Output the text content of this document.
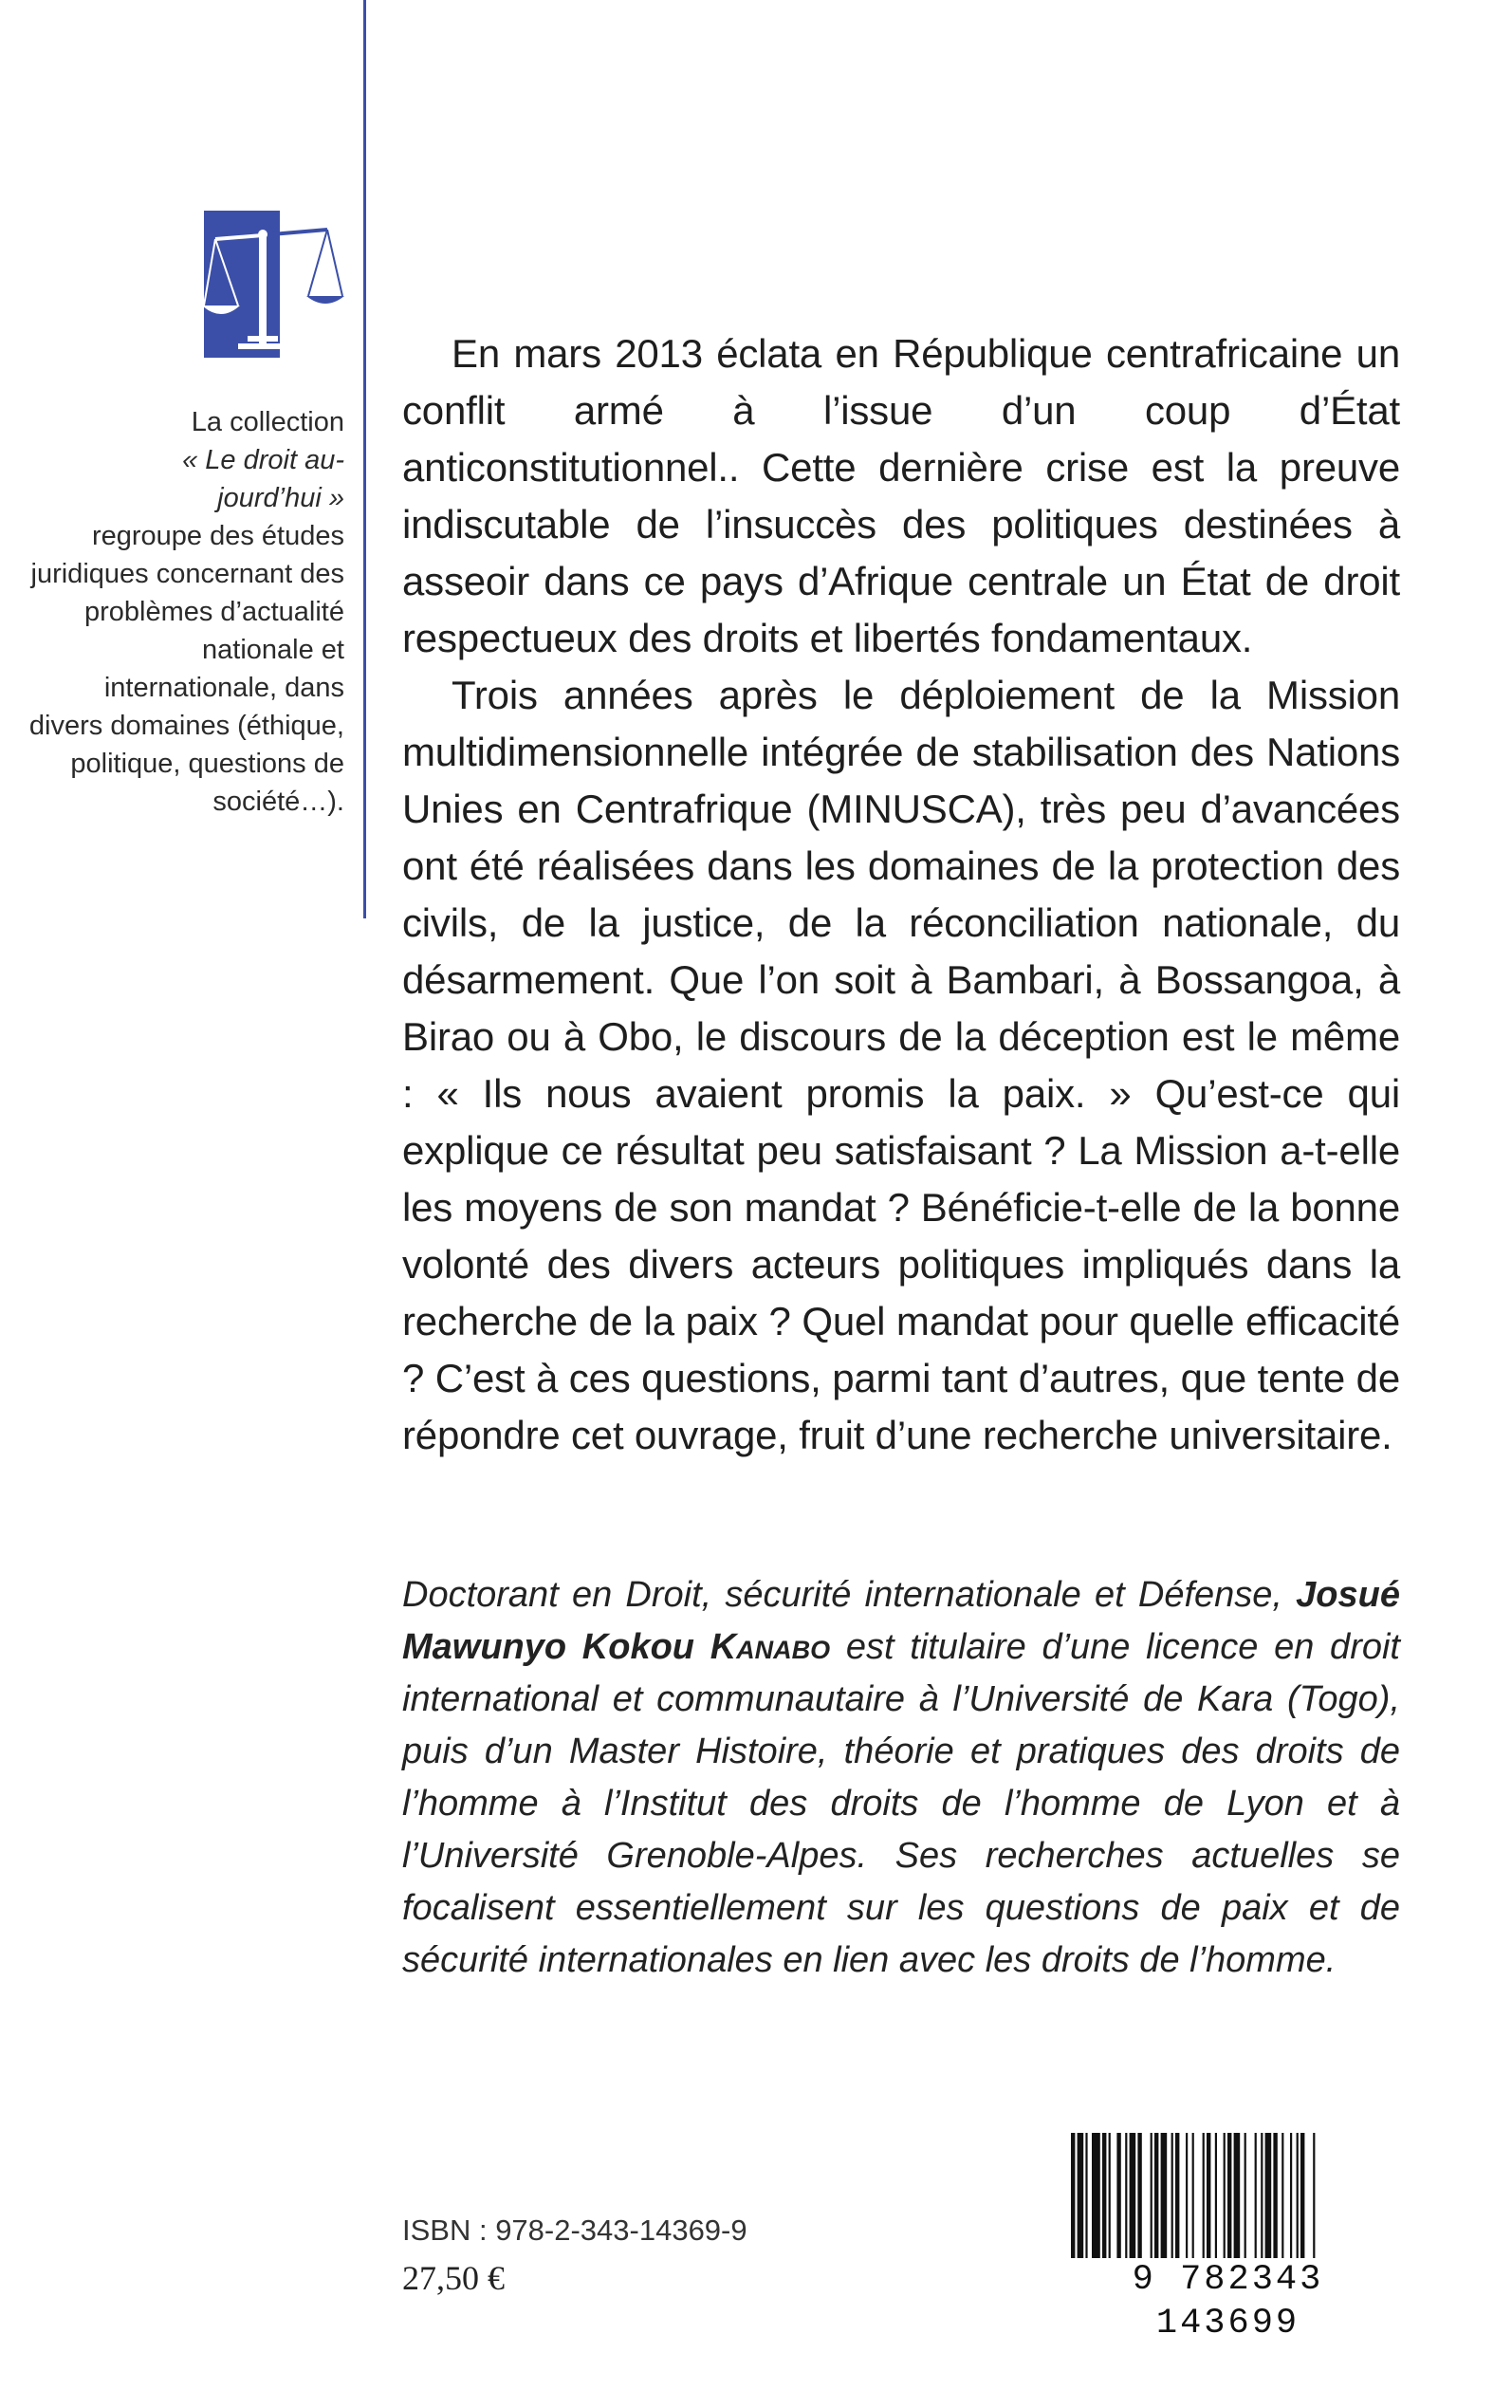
La collection

« Le droit au-
jourd’hui »

regroupe des études juridiques concernant des problèmes d’actualité nationale et internationale, dans divers domaines (éthique, politique, questions de société…).

En mars 2013 éclata en République centrafricaine un conflit armé à l’issue d’un coup d’État anticonstitutionnel.. Cette dernière crise est la preuve indiscutable de l’insuccès des politiques destinées à asseoir dans ce pays d’Afrique centrale un État de droit respectueux des droits et libertés fondamentaux.

Trois années après le déploiement de la Mission multidimensionnelle intégrée de stabilisation des Nations Unies en Centrafrique (MINUSCA), très peu d’avancées ont été réalisées dans les domaines de la protection des civils, de la justice, de la réconciliation nationale, du désarmement. Que l’on soit à Bambari, à Bossangoa, à Birao ou à Obo, le discours de la déception est le même : « Ils nous avaient promis la paix. » Qu’est-ce qui explique ce résultat peu satisfaisant ? La Mission a-t-elle les moyens de son mandat ? Bénéficie-t-elle de la bonne volonté des divers acteurs politiques impliqués dans la recherche de la paix ? Quel mandat pour quelle efficacité ? C’est à ces questions, parmi tant d’autres, que tente de répondre cet ouvrage, fruit d’une recherche universitaire.

Doctorant en Droit, sécurité internationale et Défense, Josué Mawunyo Kokou Kanabo est titulaire d’une licence en droit international et communautaire à l’Université de Kara (Togo), puis d’un Master Histoire, théorie et pratiques des droits de l’homme à l’Institut des droits de l’homme de Lyon et à l’Université Grenoble-Alpes. Ses recherches actuelles se focalisent essentiellement sur les questions de paix et de sécurité internationales en lien avec les droits de l’homme.

ISBN : 978-2-343-14369-9
27,50 €	9 782343 143699
